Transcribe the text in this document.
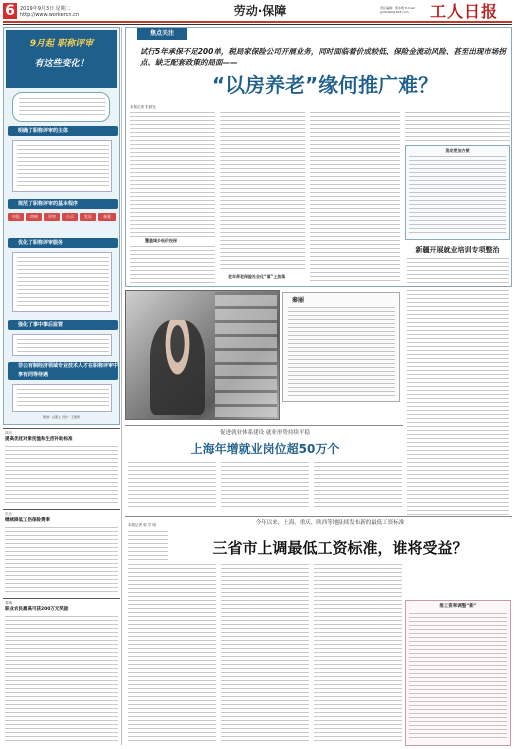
6	2019年9月3日 星期二
http://www.workercn.cn	劳动·保障	责任编辑：邢永明 E-mail：grrbldbz@163.com	工人日报
9月起 职称评审
有这些变化！
明确了职称评审的主体
规范了职称评审的基本程序
申报	审核	评审	公示	发证	备案
优化了职称评审服务
强化了事中事后监管
非公有制经济领域专业技术人才在职称评审中享有同等待遇
策划：白黑土 设计：王胜男
四川
提高优抚对象抚恤和生活补助标准
长沙
继续降低工伤保险费率
青海
职业农民最高可获200万元奖励
焦点关注
试行5年承保不足200单，税局家保险公司开展业务，同时面临着价成较低、保险金流动风险、甚至出现市场拐点、缺乏配套政策的局面——
“以房养老”缘何推广难？
本报记者 朱晨光
覆盖城乡低价投保
老年养老保险社会化“落”上加落
流动更加方便
秦丽
新疆开展就业培训专项整治
促进就业体系建设 就业形势持续平稳
上海年增就业岗位超50万个
今年以来，上海、重庆、陕西等地陆续发布新的最低工资标准
三省市上调最低工资标准，谁将受益？
本报记者 郭 学 明
推工资率调整“新”
